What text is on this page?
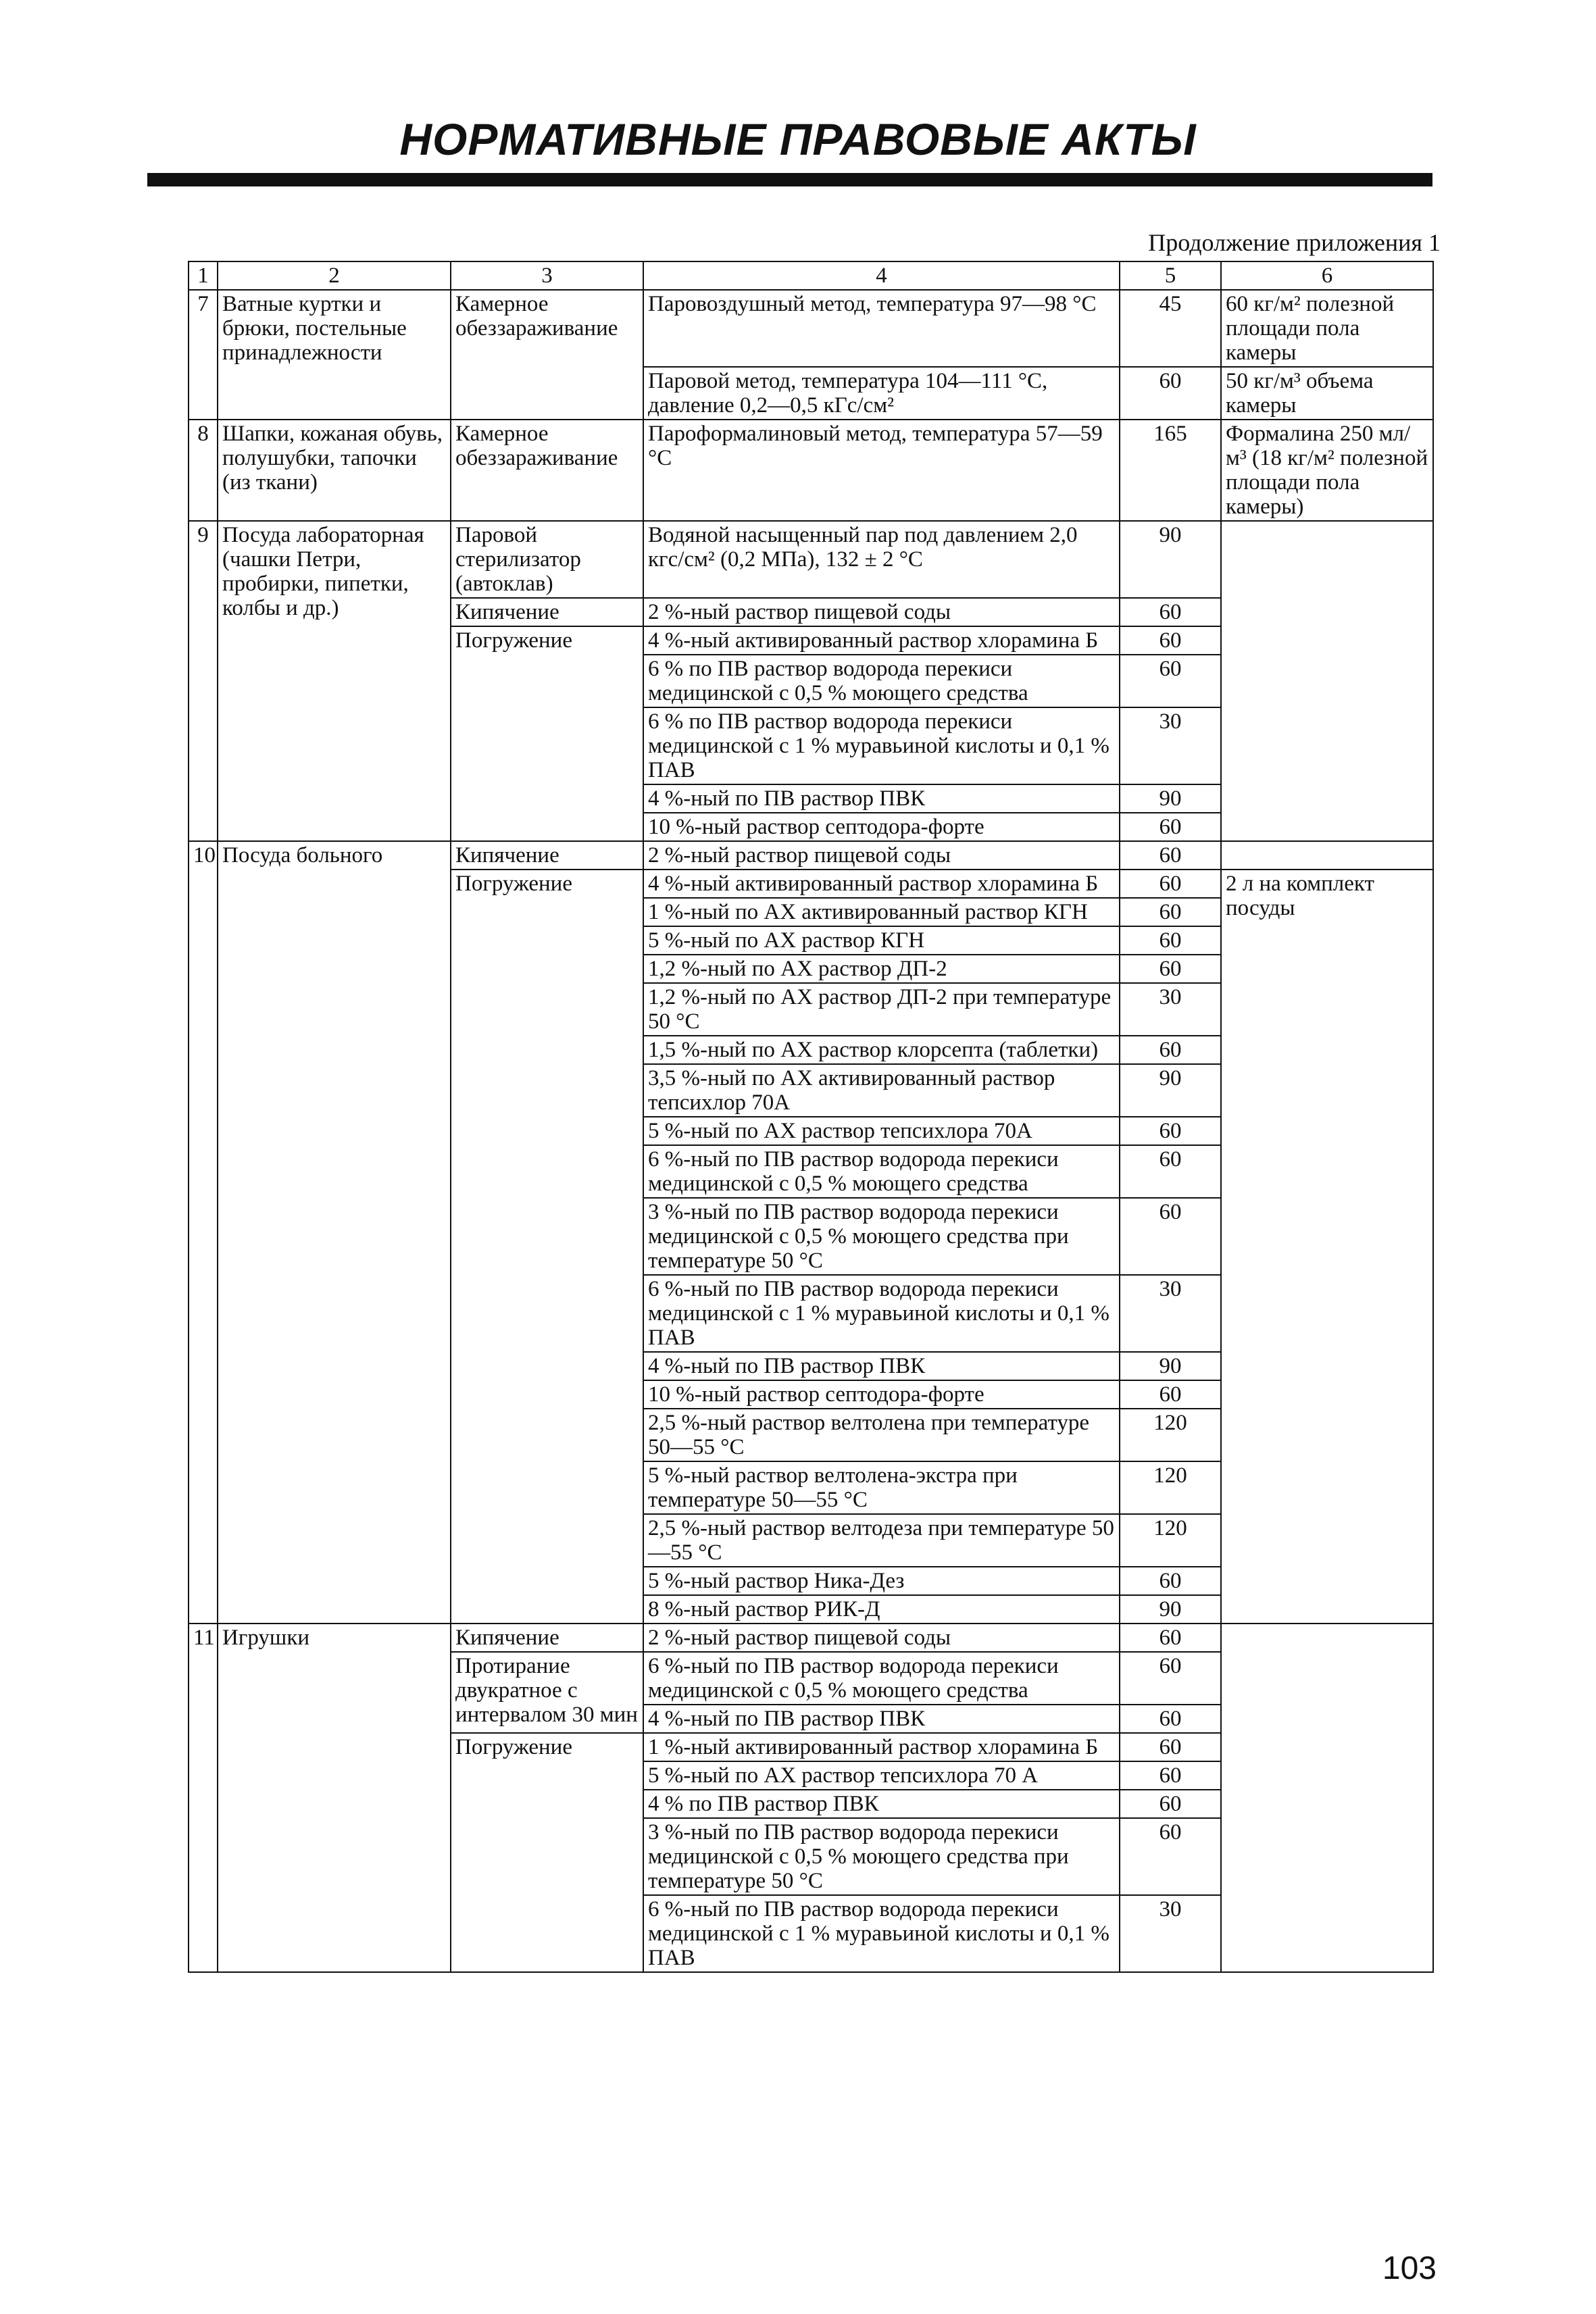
НОРМАТИВНЫЕ ПРАВОВЫЕ АКТЫ
Продолжение приложения 1
1	2	3	4	5	6
7	Ватные куртки и брюки, постельные принадлежности	Камерное обеззараживание	Паровоздушный метод, температура 97—98 °С	45	60 кг/м² полезной площади пола камеры
			Паровой метод, температура 104—111 °С, давление 0,2—0,5 кГс/см²	60	50 кг/м³ объема камеры
8	Шапки, кожаная обувь, полушубки, тапочки (из ткани)	Камерное обеззараживание	Пароформалиновый метод, температура 57—59 °С	165	Формалина 250 мл/м³ (18 кг/м² полезной площади пола камеры)
9	Посуда лабораторная (чашки Петри, пробирки, пипетки, колбы и др.)	Паровой стерилизатор (автоклав)	Водяной насыщенный пар под давлением 2,0 кгс/см² (0,2 МПа), 132 ± 2 °С	90	
		Кипячение	2 %-ный раствор пищевой соды	60	
		Погружение	4 %-ный активированный раствор хлорамина Б	60	
			6 % по ПВ раствор водорода перекиси медицинской с 0,5 % моющего средства	60	
			6 % по ПВ раствор водорода перекиси медицинской с 1 % муравьиной кислоты и 0,1 % ПАВ	30	
			4 %-ный по ПВ раствор ПВК	90	
			10 %-ный раствор септодора-форте	60	
10	Посуда больного	Кипячение	2 %-ный раствор пищевой соды	60	
		Погружение	4 %-ный активированный раствор хлорамина Б	60	2 л на комплект посуды
			1 %-ный по АХ активированный раствор КГН	60	
			5 %-ный по АХ раствор КГН	60	
			1,2 %-ный по АХ раствор ДП-2	60	
			1,2 %-ный по АХ раствор ДП-2 при температуре 50 °С	30	
			1,5 %-ный по АХ раствор клорсепта (таблетки)	60	
			3,5 %-ный по АХ активированный раствор тепсихлор 70А	90	
			5 %-ный по АХ раствор тепсихлора 70А	60	
			6 %-ный по ПВ раствор водорода перекиси медицинской с 0,5 % моющего средства	60	
			3 %-ный по ПВ раствор водорода перекиси медицинской с 0,5 % моющего средства при температуре 50 °С	60	
			6 %-ный по ПВ раствор водорода перекиси медицинской с 1 % муравьиной кислоты и 0,1 % ПАВ	30	
			4 %-ный по ПВ раствор ПВК	90	
			10 %-ный раствор септодора-форте	60	
			2,5 %-ный раствор велтолена при температуре 50—55 °С	120	
			5 %-ный раствор велтолена-экстра при температуре 50—55 °С	120	
			2,5 %-ный раствор велтодеза при температуре 50—55 °С	120	
			5 %-ный раствор Ника-Дез	60	
			8 %-ный раствор РИК-Д	90	
11	Игрушки	Кипячение	2 %-ный раствор пищевой соды	60	
		Протирание двукратное с интервалом 30 мин	6 %-ный по ПВ раствор водорода перекиси медицинской с 0,5 % моющего средства	60	
			4 %-ный по ПВ раствор ПВК	60	
		Погружение	1 %-ный активированный раствор хлорамина Б	60	
			5 %-ный по АХ раствор тепсихлора 70 А	60	
			4 % по ПВ раствор ПВК	60	
			3 %-ный по ПВ раствор водорода перекиси медицинской с 0,5 % моющего средства при температуре 50 °С	60	
			6 %-ный по ПВ раствор водорода перекиси медицинской с 1 % муравьиной кислоты и 0,1 % ПАВ	30	
103
